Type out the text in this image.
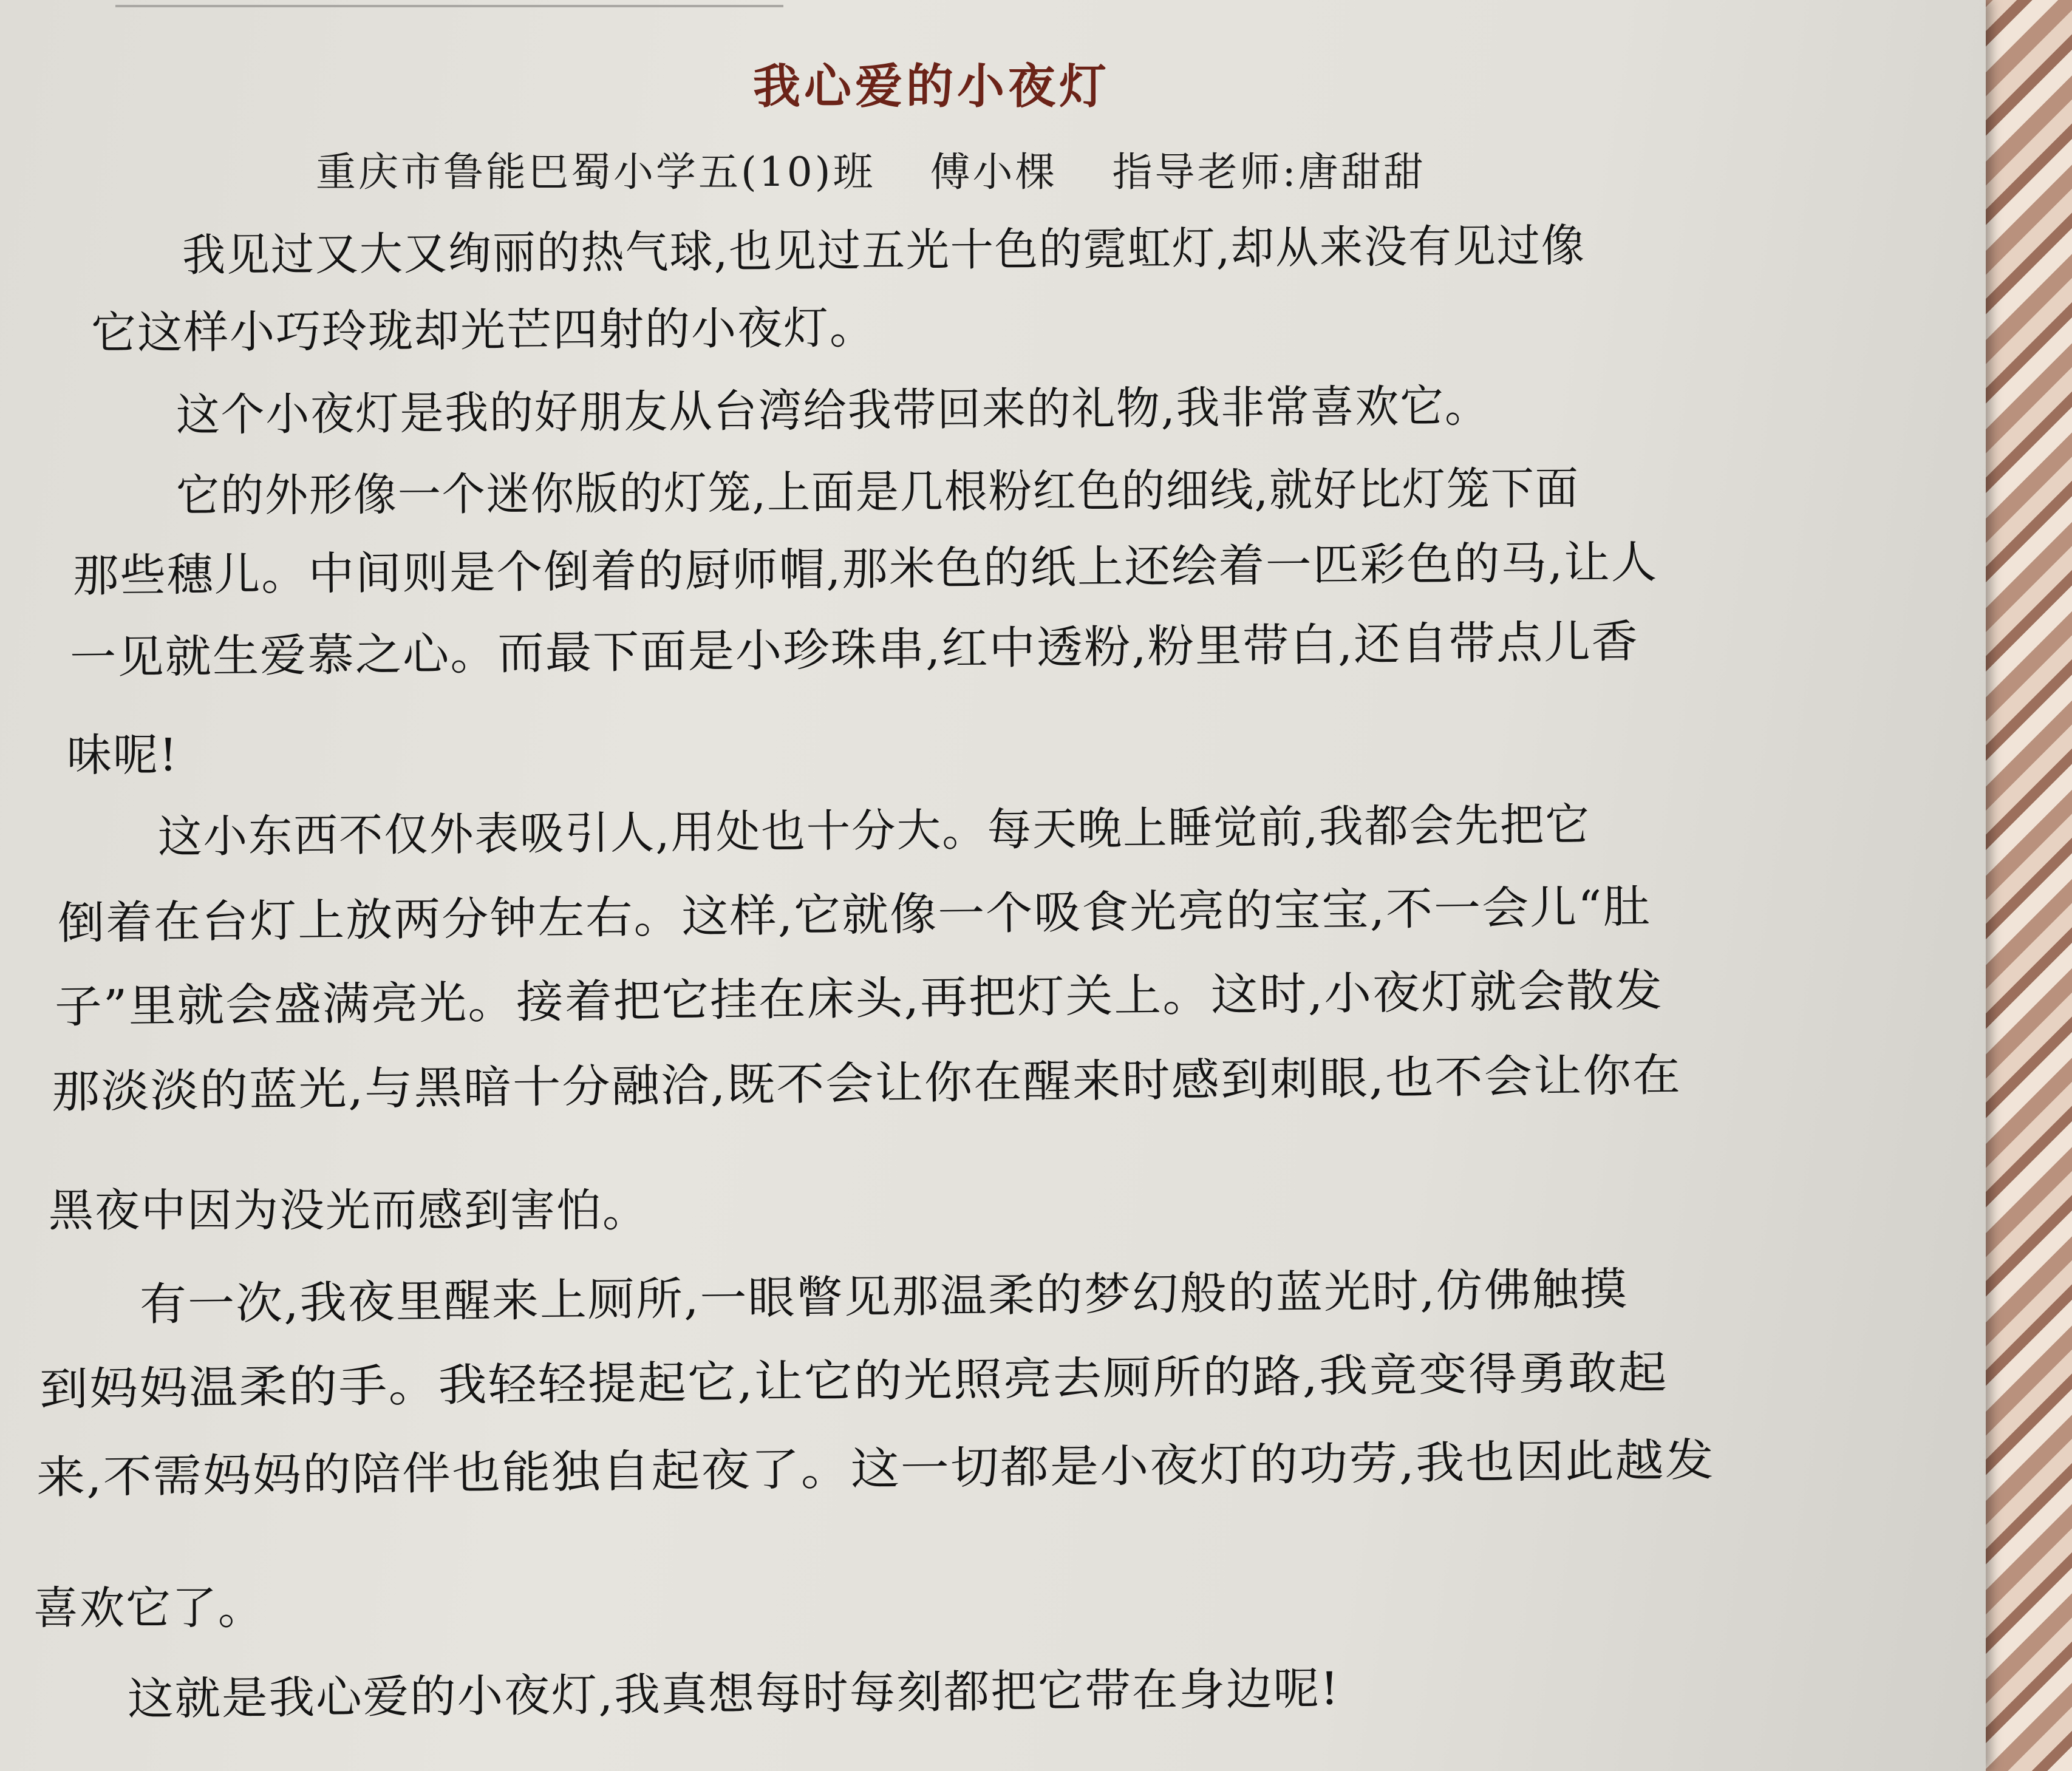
我心爱的小夜灯
重庆市鲁能巴蜀小学五(10)班 傅小棵 指导老师:唐甜甜
我见过又大又绚丽的热气球,也见过五光十色的霓虹灯,却从来没有见过像
它这样小巧玲珑却光芒四射的小夜灯。
这个小夜灯是我的好朋友从台湾给我带回来的礼物,我非常喜欢它。
它的外形像一个迷你版的灯笼,上面是几根粉红色的细线,就好比灯笼下面
那些穗儿。中间则是个倒着的厨师帽,那米色的纸上还绘着一匹彩色的马,让人
一见就生爱慕之心。而最下面是小珍珠串,红中透粉,粉里带白,还自带点儿香
味呢!
这小东西不仅外表吸引人,用处也十分大。每天晚上睡觉前,我都会先把它
倒着在台灯上放两分钟左右。这样,它就像一个吸食光亮的宝宝,不一会儿“肚
子”里就会盛满亮光。接着把它挂在床头,再把灯关上。这时,小夜灯就会散发
那淡淡的蓝光,与黑暗十分融洽,既不会让你在醒来时感到刺眼,也不会让你在
黑夜中因为没光而感到害怕。
有一次,我夜里醒来上厕所,一眼瞥见那温柔的梦幻般的蓝光时,仿佛触摸
到妈妈温柔的手。我轻轻提起它,让它的光照亮去厕所的路,我竟变得勇敢起
来,不需妈妈的陪伴也能独自起夜了。这一切都是小夜灯的功劳,我也因此越发
喜欢它了。
这就是我心爱的小夜灯,我真想每时每刻都把它带在身边呢!
